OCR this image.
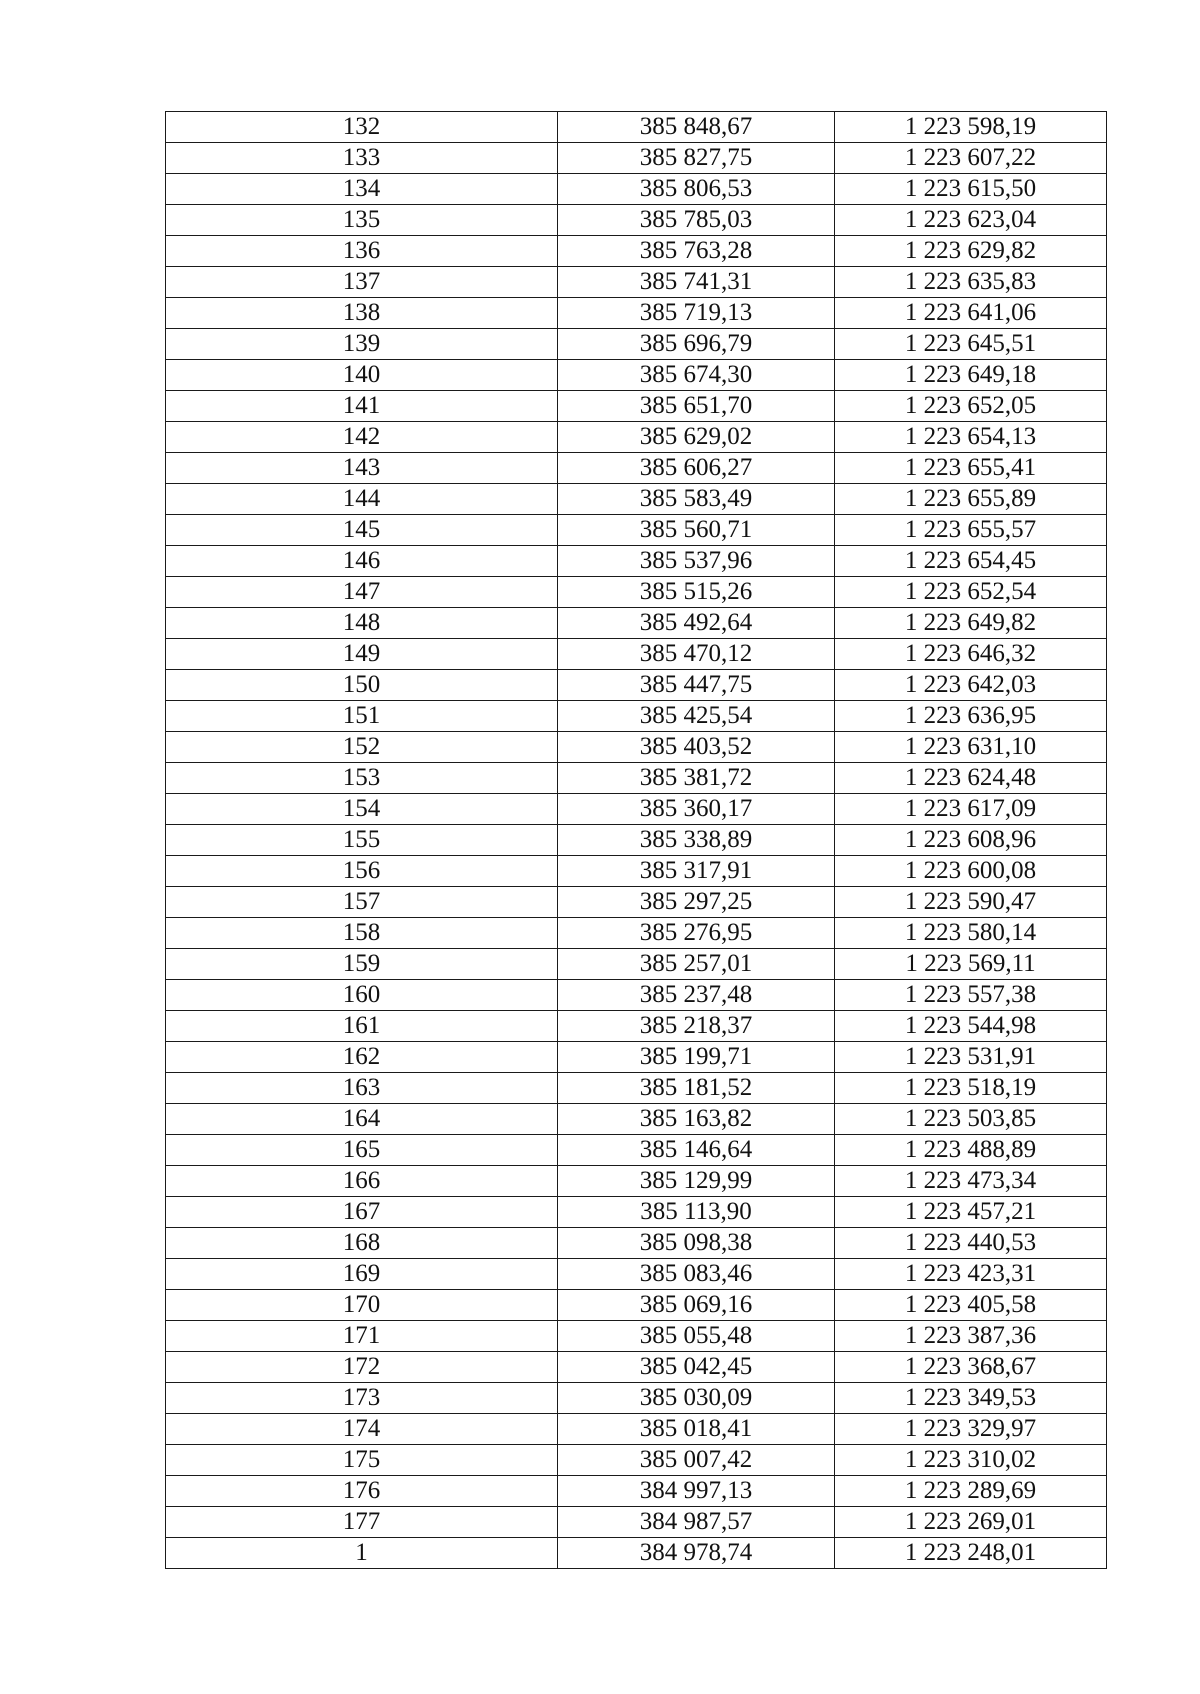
132	385 848,67	1 223 598,19
133	385 827,75	1 223 607,22
134	385 806,53	1 223 615,50
135	385 785,03	1 223 623,04
136	385 763,28	1 223 629,82
137	385 741,31	1 223 635,83
138	385 719,13	1 223 641,06
139	385 696,79	1 223 645,51
140	385 674,30	1 223 649,18
141	385 651,70	1 223 652,05
142	385 629,02	1 223 654,13
143	385 606,27	1 223 655,41
144	385 583,49	1 223 655,89
145	385 560,71	1 223 655,57
146	385 537,96	1 223 654,45
147	385 515,26	1 223 652,54
148	385 492,64	1 223 649,82
149	385 470,12	1 223 646,32
150	385 447,75	1 223 642,03
151	385 425,54	1 223 636,95
152	385 403,52	1 223 631,10
153	385 381,72	1 223 624,48
154	385 360,17	1 223 617,09
155	385 338,89	1 223 608,96
156	385 317,91	1 223 600,08
157	385 297,25	1 223 590,47
158	385 276,95	1 223 580,14
159	385 257,01	1 223 569,11
160	385 237,48	1 223 557,38
161	385 218,37	1 223 544,98
162	385 199,71	1 223 531,91
163	385 181,52	1 223 518,19
164	385 163,82	1 223 503,85
165	385 146,64	1 223 488,89
166	385 129,99	1 223 473,34
167	385 113,90	1 223 457,21
168	385 098,38	1 223 440,53
169	385 083,46	1 223 423,31
170	385 069,16	1 223 405,58
171	385 055,48	1 223 387,36
172	385 042,45	1 223 368,67
173	385 030,09	1 223 349,53
174	385 018,41	1 223 329,97
175	385 007,42	1 223 310,02
176	384 997,13	1 223 289,69
177	384 987,57	1 223 269,01
1	384 978,74	1 223 248,01
